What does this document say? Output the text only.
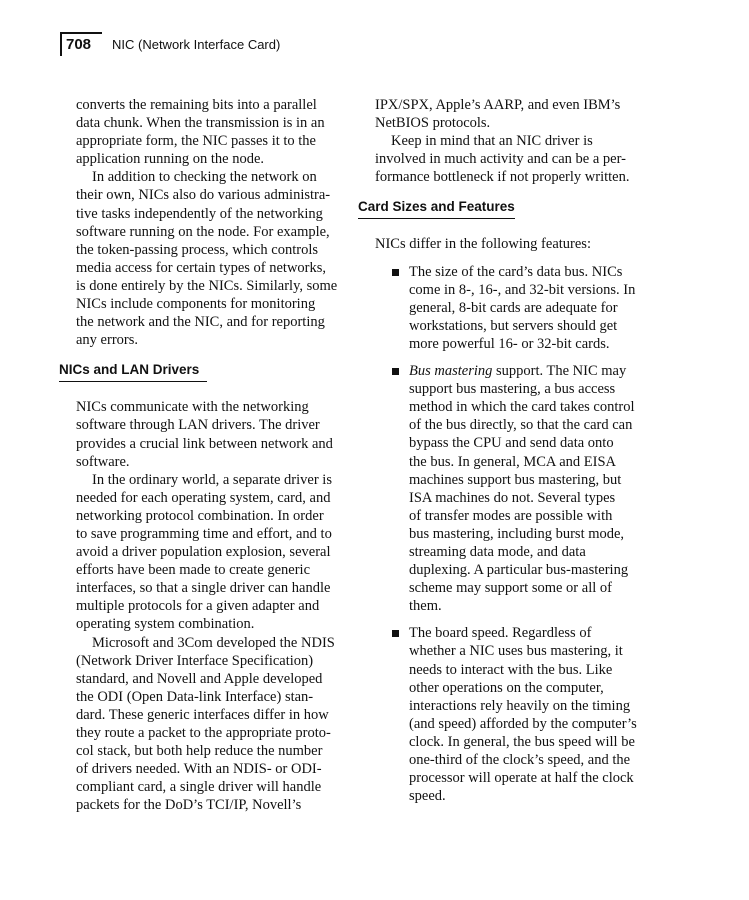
708 NIC (Network Interface Card)

converts the remaining bits into a parallel
data chunk. When the transmission is in an
appropriate form, the NIC passes it to the
application running on the node.

In addition to checking the network on
their own, NICs also do various administra-
tive tasks independently of the networking
software running on the node. For example,
the token-passing process, which controls
media access for certain types of networks,
is done entirely by the NICs. Similarly, some
NICs include components for monitoring
the network and the NIC, and for reporting
any errors.

NICs and LAN Drivers

NICs communicate with the networking
software through LAN drivers. The driver
provides a crucial link between network and
software.

In the ordinary world, a separate driver is
needed for each operating system, card, and
networking protocol combination. In order
to save programming time and effort, and to
avoid a driver population explosion, several
efforts have been made to create generic
interfaces, so that a single driver can handle
multiple protocols for a given adapter and
operating system combination.

Microsoft and 3Com developed the NDIS
(Network Driver Interface Specification)
standard, and Novell and Apple developed
the ODI (Open Data-link Interface) stan-
dard. These generic interfaces differ in how
they route a packet to the appropriate proto-
col stack, but both help reduce the number
of drivers needed. With an NDIS- or ODI-
compliant card, a single driver will handle
packets for the DoD’s TCI/IP, Novell’s

IPX/SPX, Apple’s AARP, and even IBM’s
NetBIOS protocols.

Keep in mind that an NIC driver is
involved in much activity and can be a per-
formance bottleneck if not properly written.

Card Sizes and Features

NICs differ in the following features:

The size of the card’s data bus. NICs
come in 8-, 16-, and 32-bit versions. In
general, 8-bit cards are adequate for
workstations, but servers should get
more powerful 16- or 32-bit cards.
Bus mastering support. The NIC may
support bus mastering, a bus access
method in which the card takes control
of the bus directly, so that the card can
bypass the CPU and send data onto
the bus. In general, MCA and EISA
machines support bus mastering, but
ISA machines do not. Several types
of transfer modes are possible with
bus mastering, including burst mode,
streaming data mode, and data
duplexing. A particular bus-mastering
scheme may support some or all of
them.
The board speed. Regardless of
whether a NIC uses bus mastering, it
needs to interact with the bus. Like
other operations on the computer,
interactions rely heavily on the timing
(and speed) afforded by the computer’s
clock. In general, the bus speed will be
one-third of the clock’s speed, and the
processor will operate at half the clock
speed.
